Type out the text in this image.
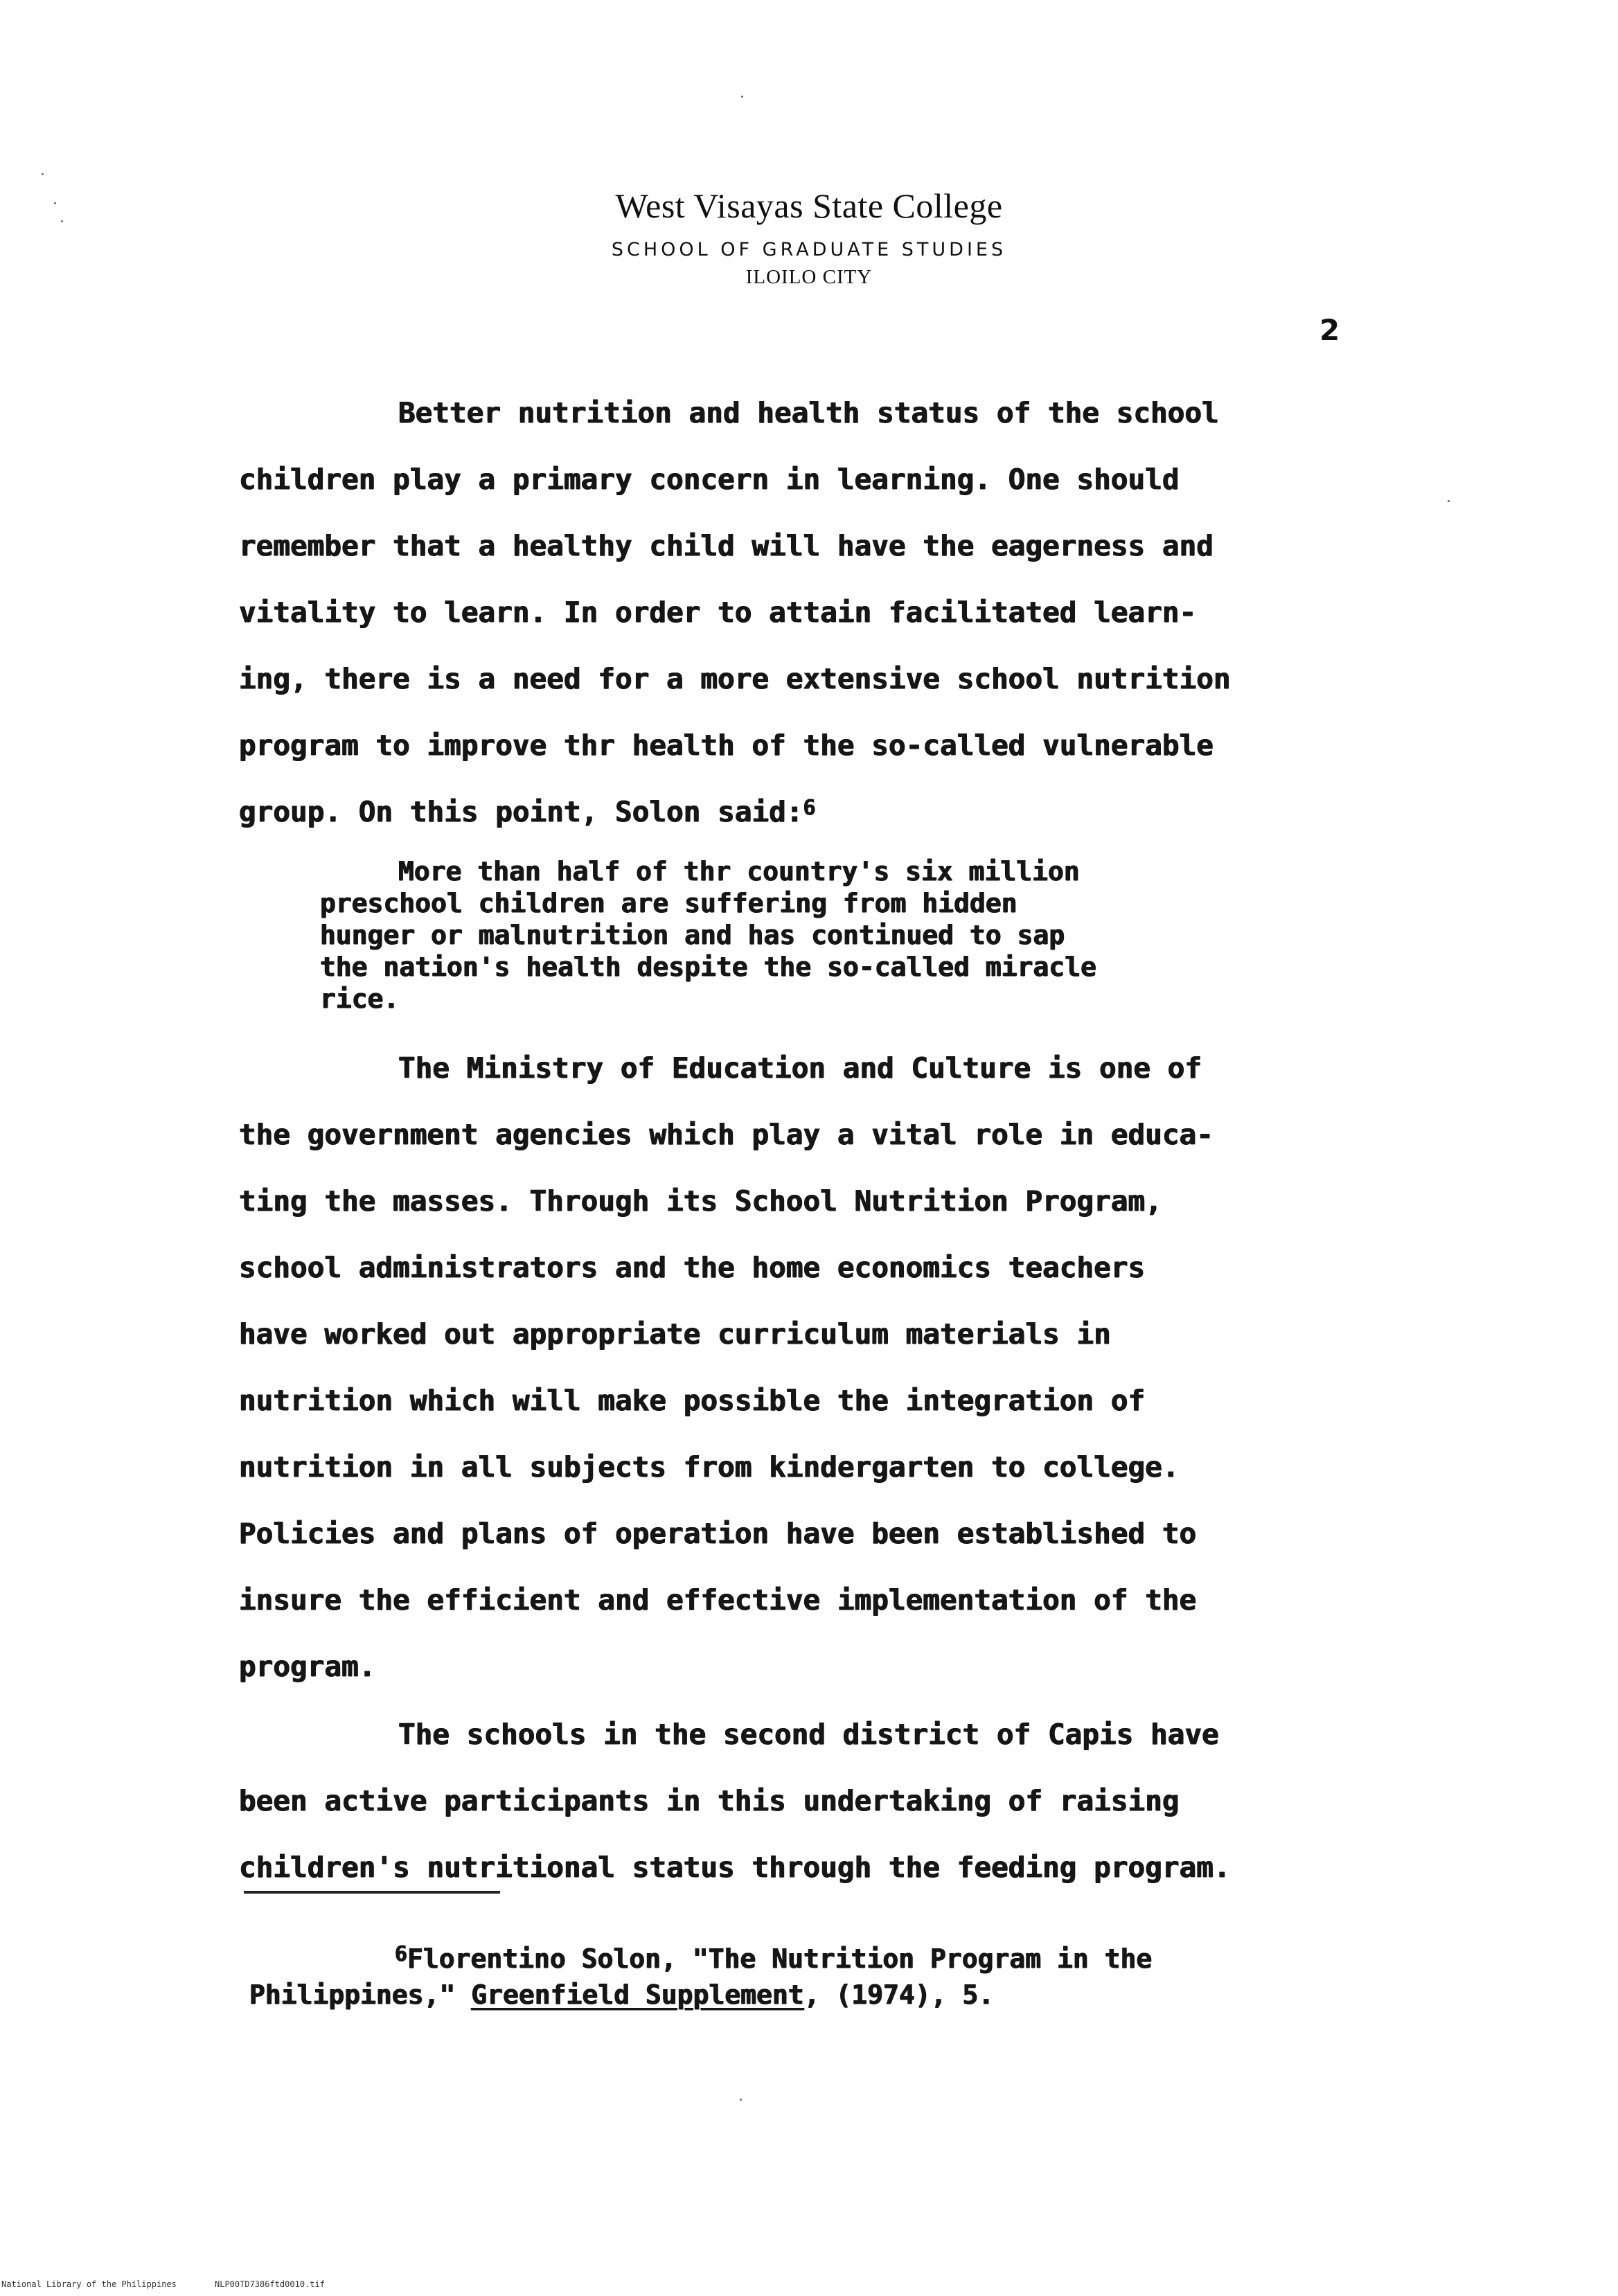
West Visayas State College
SCHOOL OF GRADUATE STUDIES
ILOILO CITY
2
Better nutrition and health status of the school
children play a primary concern in learning. One should
remember that a healthy child will have the eagerness and
vitality to learn. In order to attain facilitated learn-
ing, there is a need for a more extensive school nutrition
program to improve thr health of the so-called vulnerable
group. On this point, Solon said:$^6$
More than half of thr country's six million
preschool children are suffering from hidden
hunger or malnutrition and has continued to sap
the nation's health despite the so-called miracle
rice.
The Ministry of Education and Culture is one of
the government agencies which play a vital role in educa-
ting the masses. Through its School Nutrition Program,
school administrators and the home economics teachers
have worked out appropriate curriculum materials in
nutrition which will make possible the integration of
nutrition in all subjects from kindergarten to college.
Policies and plans of operation have been established to
insure the efficient and effective implementation of the
program.
The schools in the second district of Capis have
been active participants in this undertaking of raising
children's nutritional status through the feeding program.
$^6$Florentino Solon, "The Nutrition Program in the
Philippines," Greenfield Supplement, (1974), 5.
National Library of the Philippines	NLP00TD7386ftd0010.tif
